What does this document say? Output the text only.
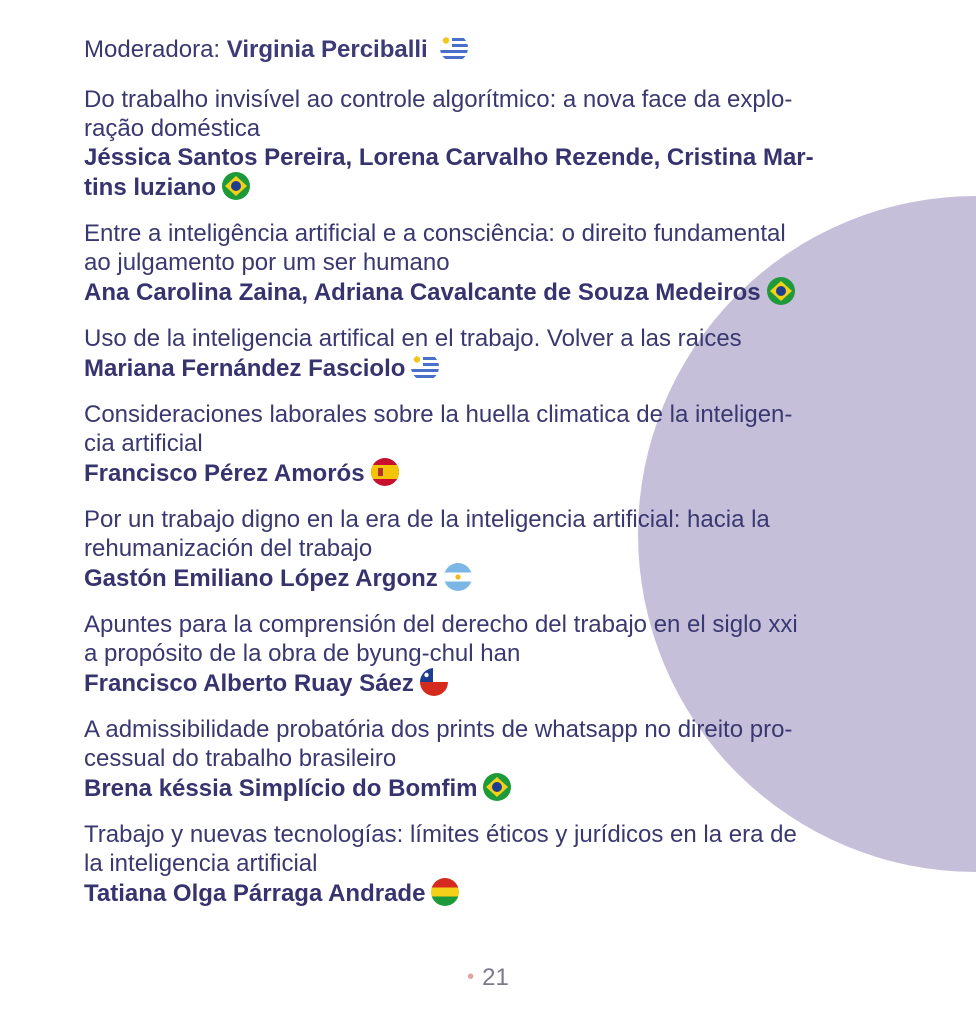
Moderadora: Virginia Perciballi
Do trabalho invisível ao controle algorítmico: a nova face da explo-
ração doméstica
Jéssica Santos Pereira, Lorena Carvalho Rezende, Cristina Mar-
tins luziano
Entre a inteligência artificial e a consciência: o direito fundamental
ao julgamento por um ser humano
Ana Carolina Zaina, Adriana Cavalcante de Souza Medeiros
Uso de la inteligencia artifical en el trabajo. Volver a las raices
Mariana Fernández Fasciolo
Consideraciones laborales sobre la huella climatica de la inteligen-
cia artificial
Francisco Pérez Amorós
Por un trabajo digno en la era de la inteligencia artificial: hacia la
rehumanización del trabajo
Gastón Emiliano López Argonz
Apuntes para la comprensión del derecho del trabajo en el siglo xxi
a propósito de la obra de byung-chul han
Francisco Alberto Ruay Sáez
A admissibilidade probatória dos prints de whatsapp no direito pro-
cessual do trabalho brasileiro
Brena késsia Simplício do Bomfim
Trabajo y nuevas tecnologías: límites éticos y jurídicos en la era de
la inteligencia artificial
Tatiana Olga Párraga Andrade
• 21
